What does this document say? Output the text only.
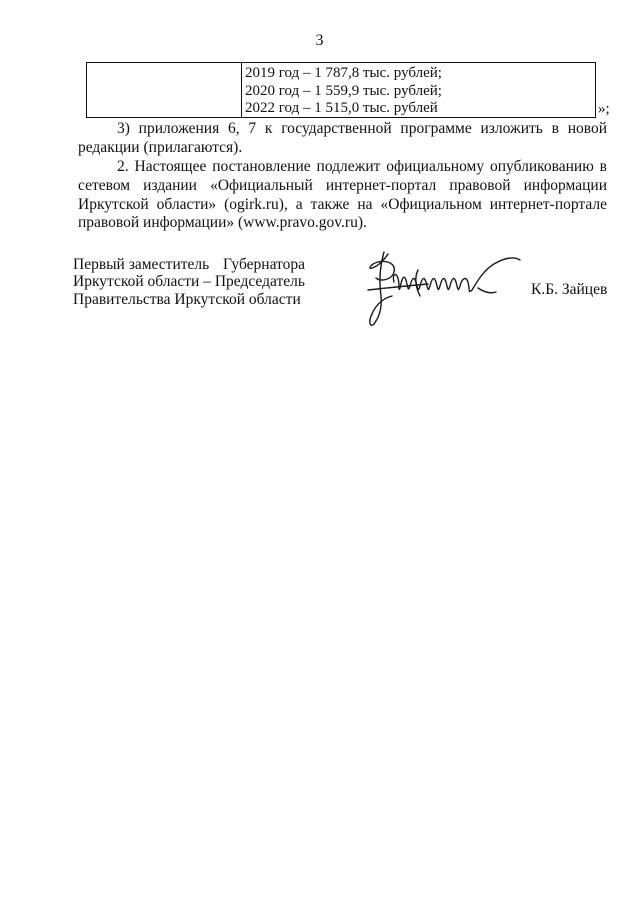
3
2019 год – 1 787,8 тыс. рублей;
2020 год – 1 559,9 тыс. рублей;
2022 год – 1 515,0 тыс. рублей	»;

3) приложения 6, 7 к государственной программе изложить в новой редакции (прилагаются).

2. Настоящее постановление подлежит официальному опубликованию в сетевом издании «Официальный интернет-портал правовой информации Иркутской области» (ogirk.ru), а также на «Официальном интернет-портале правовой информации» (www.pravo.gov.ru).

Первый заместитель Губернатора
Иркутской области – Председатель
Правительства Иркутской области
К.Б. Зайцев
